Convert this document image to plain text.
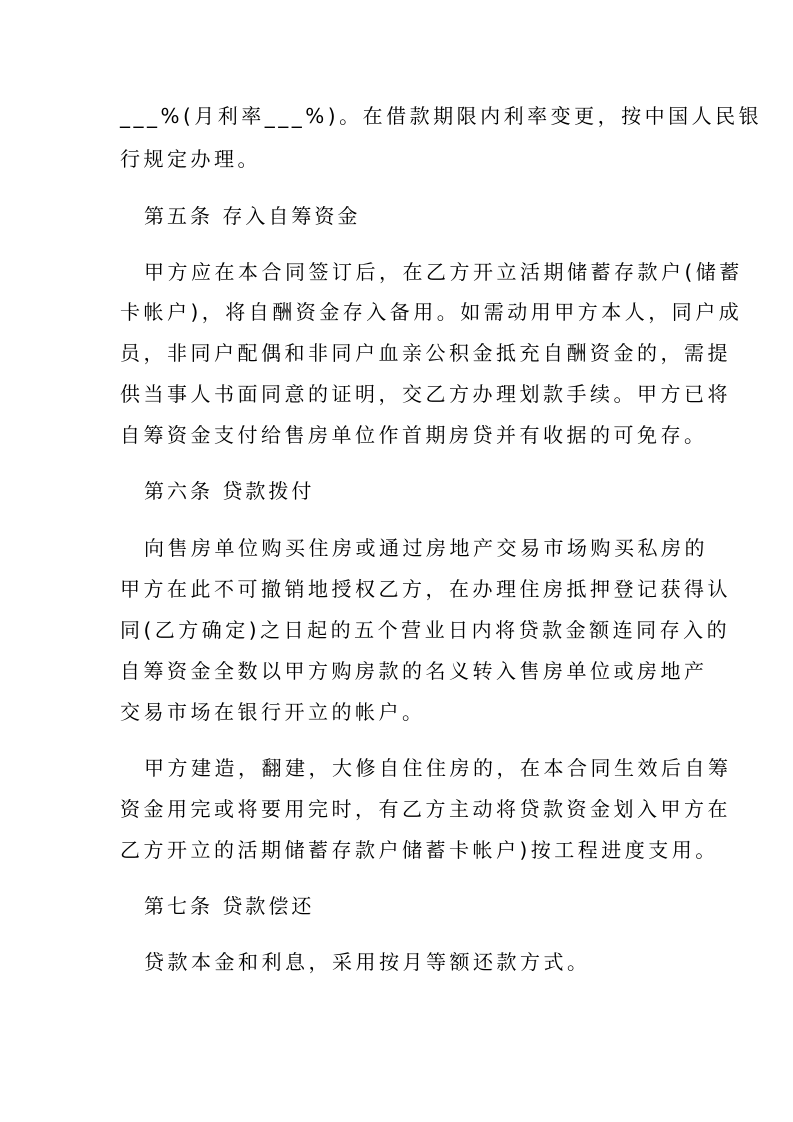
___%(月利率___%)。在借款期限内利率变更，按中国人民银
行规定办理。
第五条 存入自筹资金
甲方应在本合同签订后，在乙方开立活期储蓄存款户(储蓄
卡帐户)，将自酬资金存入备用。如需动用甲方本人，同户成
员，非同户配偶和非同户血亲公积金抵充自酬资金的，需提
供当事人书面同意的证明，交乙方办理划款手续。甲方已将
自筹资金支付给售房单位作首期房贷并有收据的可免存。
第六条 贷款拨付
向售房单位购买住房或通过房地产交易市场购买私房的
甲方在此不可撤销地授权乙方，在办理住房抵押登记获得认
同(乙方确定)之日起的五个营业日内将贷款金额连同存入的
自筹资金全数以甲方购房款的名义转入售房单位或房地产
交易市场在银行开立的帐户。
甲方建造，翻建，大修自住住房的，在本合同生效后自筹
资金用完或将要用完时，有乙方主动将贷款资金划入甲方在
乙方开立的活期储蓄存款户储蓄卡帐户)按工程进度支用。
第七条 贷款偿还
贷款本金和利息，采用按月等额还款方式。
